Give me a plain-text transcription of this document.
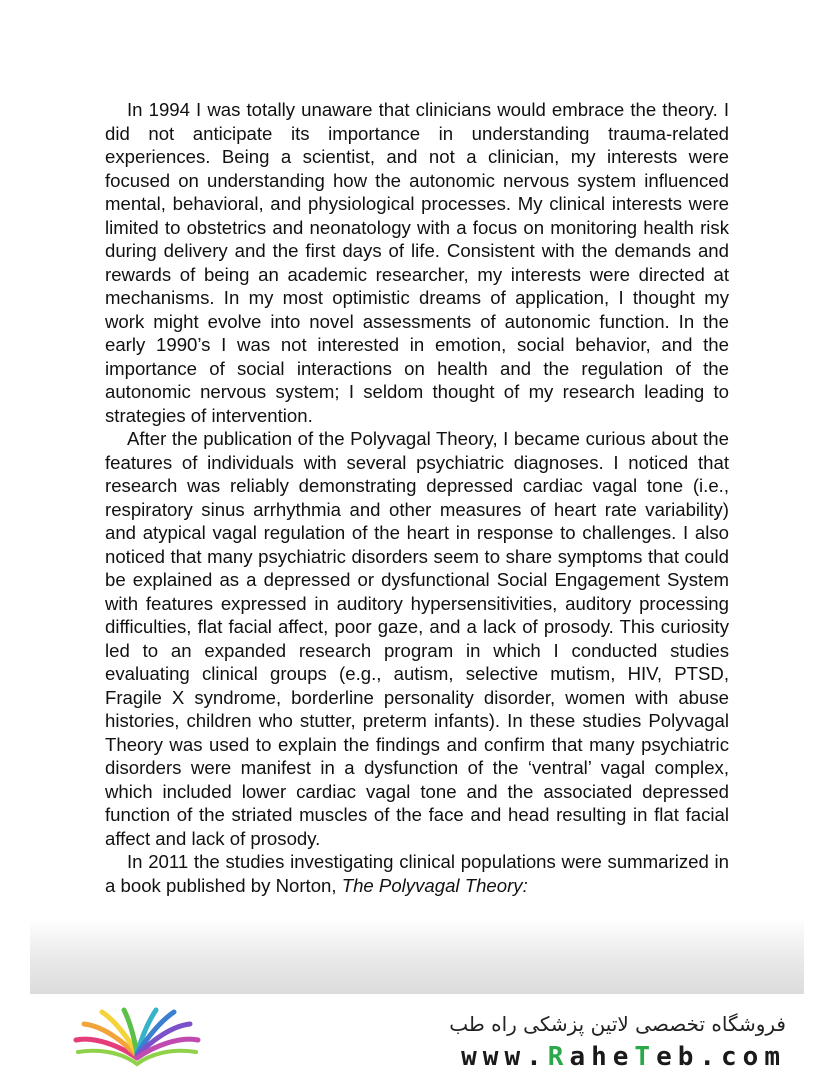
In 1994 I was totally unaware that clinicians would embrace the theory. I did not anticipate its importance in understanding trauma-related experiences. Being a scientist, and not a clinician, my interests were focused on understanding how the autonomic nervous system influenced mental, behavioral, and physiological processes. My clinical interests were limited to obstetrics and neonatology with a focus on monitoring health risk during delivery and the first days of life. Consistent with the demands and rewards of being an academic researcher, my interests were directed at mechanisms. In my most optimistic dreams of application, I thought my work might evolve into novel assessments of autonomic function. In the early 1990’s I was not interested in emotion, social behavior, and the importance of social interactions on health and the regulation of the autonomic nervous system; I seldom thought of my research leading to strategies of intervention.

After the publication of the Polyvagal Theory, I became curious about the features of individuals with several psychiatric diagnoses. I noticed that research was reliably demonstrating depressed cardiac vagal tone (i.e., respiratory sinus arrhythmia and other measures of heart rate variability) and atypical vagal regulation of the heart in response to challenges. I also noticed that many psychiatric disorders seem to share symptoms that could be explained as a depressed or dysfunctional Social Engagement System with features expressed in auditory hypersensitivities, auditory processing difficulties, flat facial affect, poor gaze, and a lack of prosody. This curiosity led to an expanded research program in which I conducted studies evaluating clinical groups (e.g., autism, selective mutism, HIV, PTSD, Fragile X syndrome, borderline personality disorder, women with abuse histories, children who stutter, preterm infants). In these studies Polyvagal Theory was used to explain the findings and confirm that many psychiatric disorders were manifest in a dysfunction of the ‘ventral’ vagal complex, which included lower cardiac vagal tone and the associated depressed function of the striated muscles of the face and head resulting in flat facial affect and lack of prosody.

In 2011 the studies investigating clinical populations were summarized in a book published by Norton, The Polyvagal Theory:

فروشگاه تخصصی لاتین پزشکی راه طب
www.RaheTeb.com
